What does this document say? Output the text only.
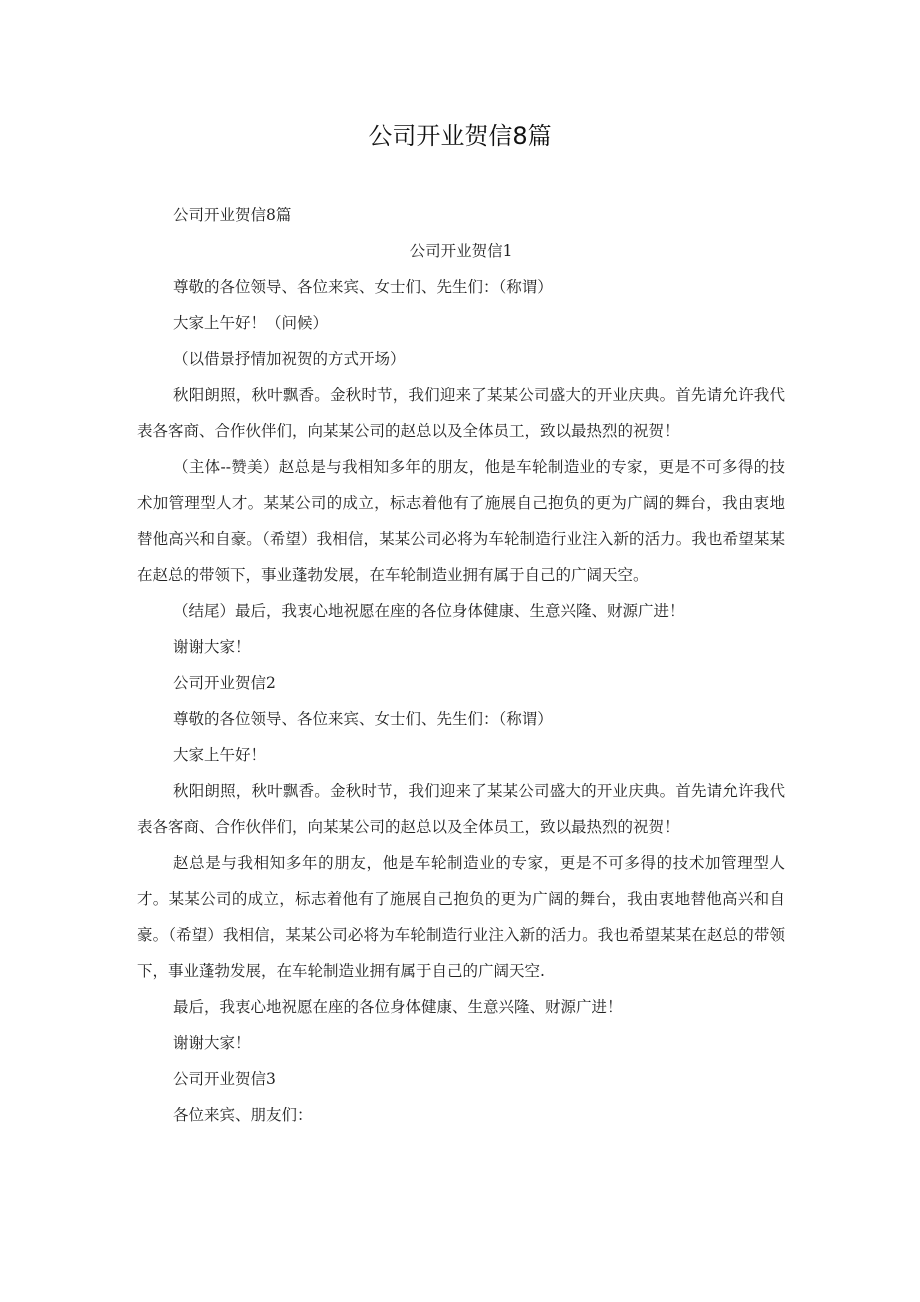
公司开业贺信8篇

公司开业贺信8篇

公司开业贺信1

尊敬的各位领导、各位来宾、女士们、先生们：（称谓）

大家上午好！（问候）

（以借景抒情加祝贺的方式开场）

秋阳朗照，秋叶飘香。金秋时节，我们迎来了某某公司盛大的开业庆典。首先请允许我代表各客商、合作伙伴们，向某某公司的赵总以及全体员工，致以最热烈的祝贺！

（主体--赞美）赵总是与我相知多年的朋友，他是车轮制造业的专家，更是不可多得的技术加管理型人才。某某公司的成立，标志着他有了施展自己抱负的更为广阔的舞台，我由衷地替他高兴和自豪。（希望）我相信，某某公司必将为车轮制造行业注入新的活力。我也希望某某在赵总的带领下，事业蓬勃发展，在车轮制造业拥有属于自己的广阔天空。

（结尾）最后，我衷心地祝愿在座的各位身体健康、生意兴隆、财源广进！

谢谢大家！

公司开业贺信2

尊敬的各位领导、各位来宾、女士们、先生们：（称谓）

大家上午好！

秋阳朗照，秋叶飘香。金秋时节，我们迎来了某某公司盛大的开业庆典。首先请允许我代表各客商、合作伙伴们，向某某公司的赵总以及全体员工，致以最热烈的祝贺！

赵总是与我相知多年的朋友，他是车轮制造业的专家，更是不可多得的技术加管理型人才。某某公司的成立，标志着他有了施展自己抱负的更为广阔的舞台，我由衷地替他高兴和自豪。（希望）我相信，某某公司必将为车轮制造行业注入新的活力。我也希望某某在赵总的带领下，事业蓬勃发展，在车轮制造业拥有属于自己的广阔天空.

最后，我衷心地祝愿在座的各位身体健康、生意兴隆、财源广进！

谢谢大家！

公司开业贺信3

各位来宾、朋友们：
